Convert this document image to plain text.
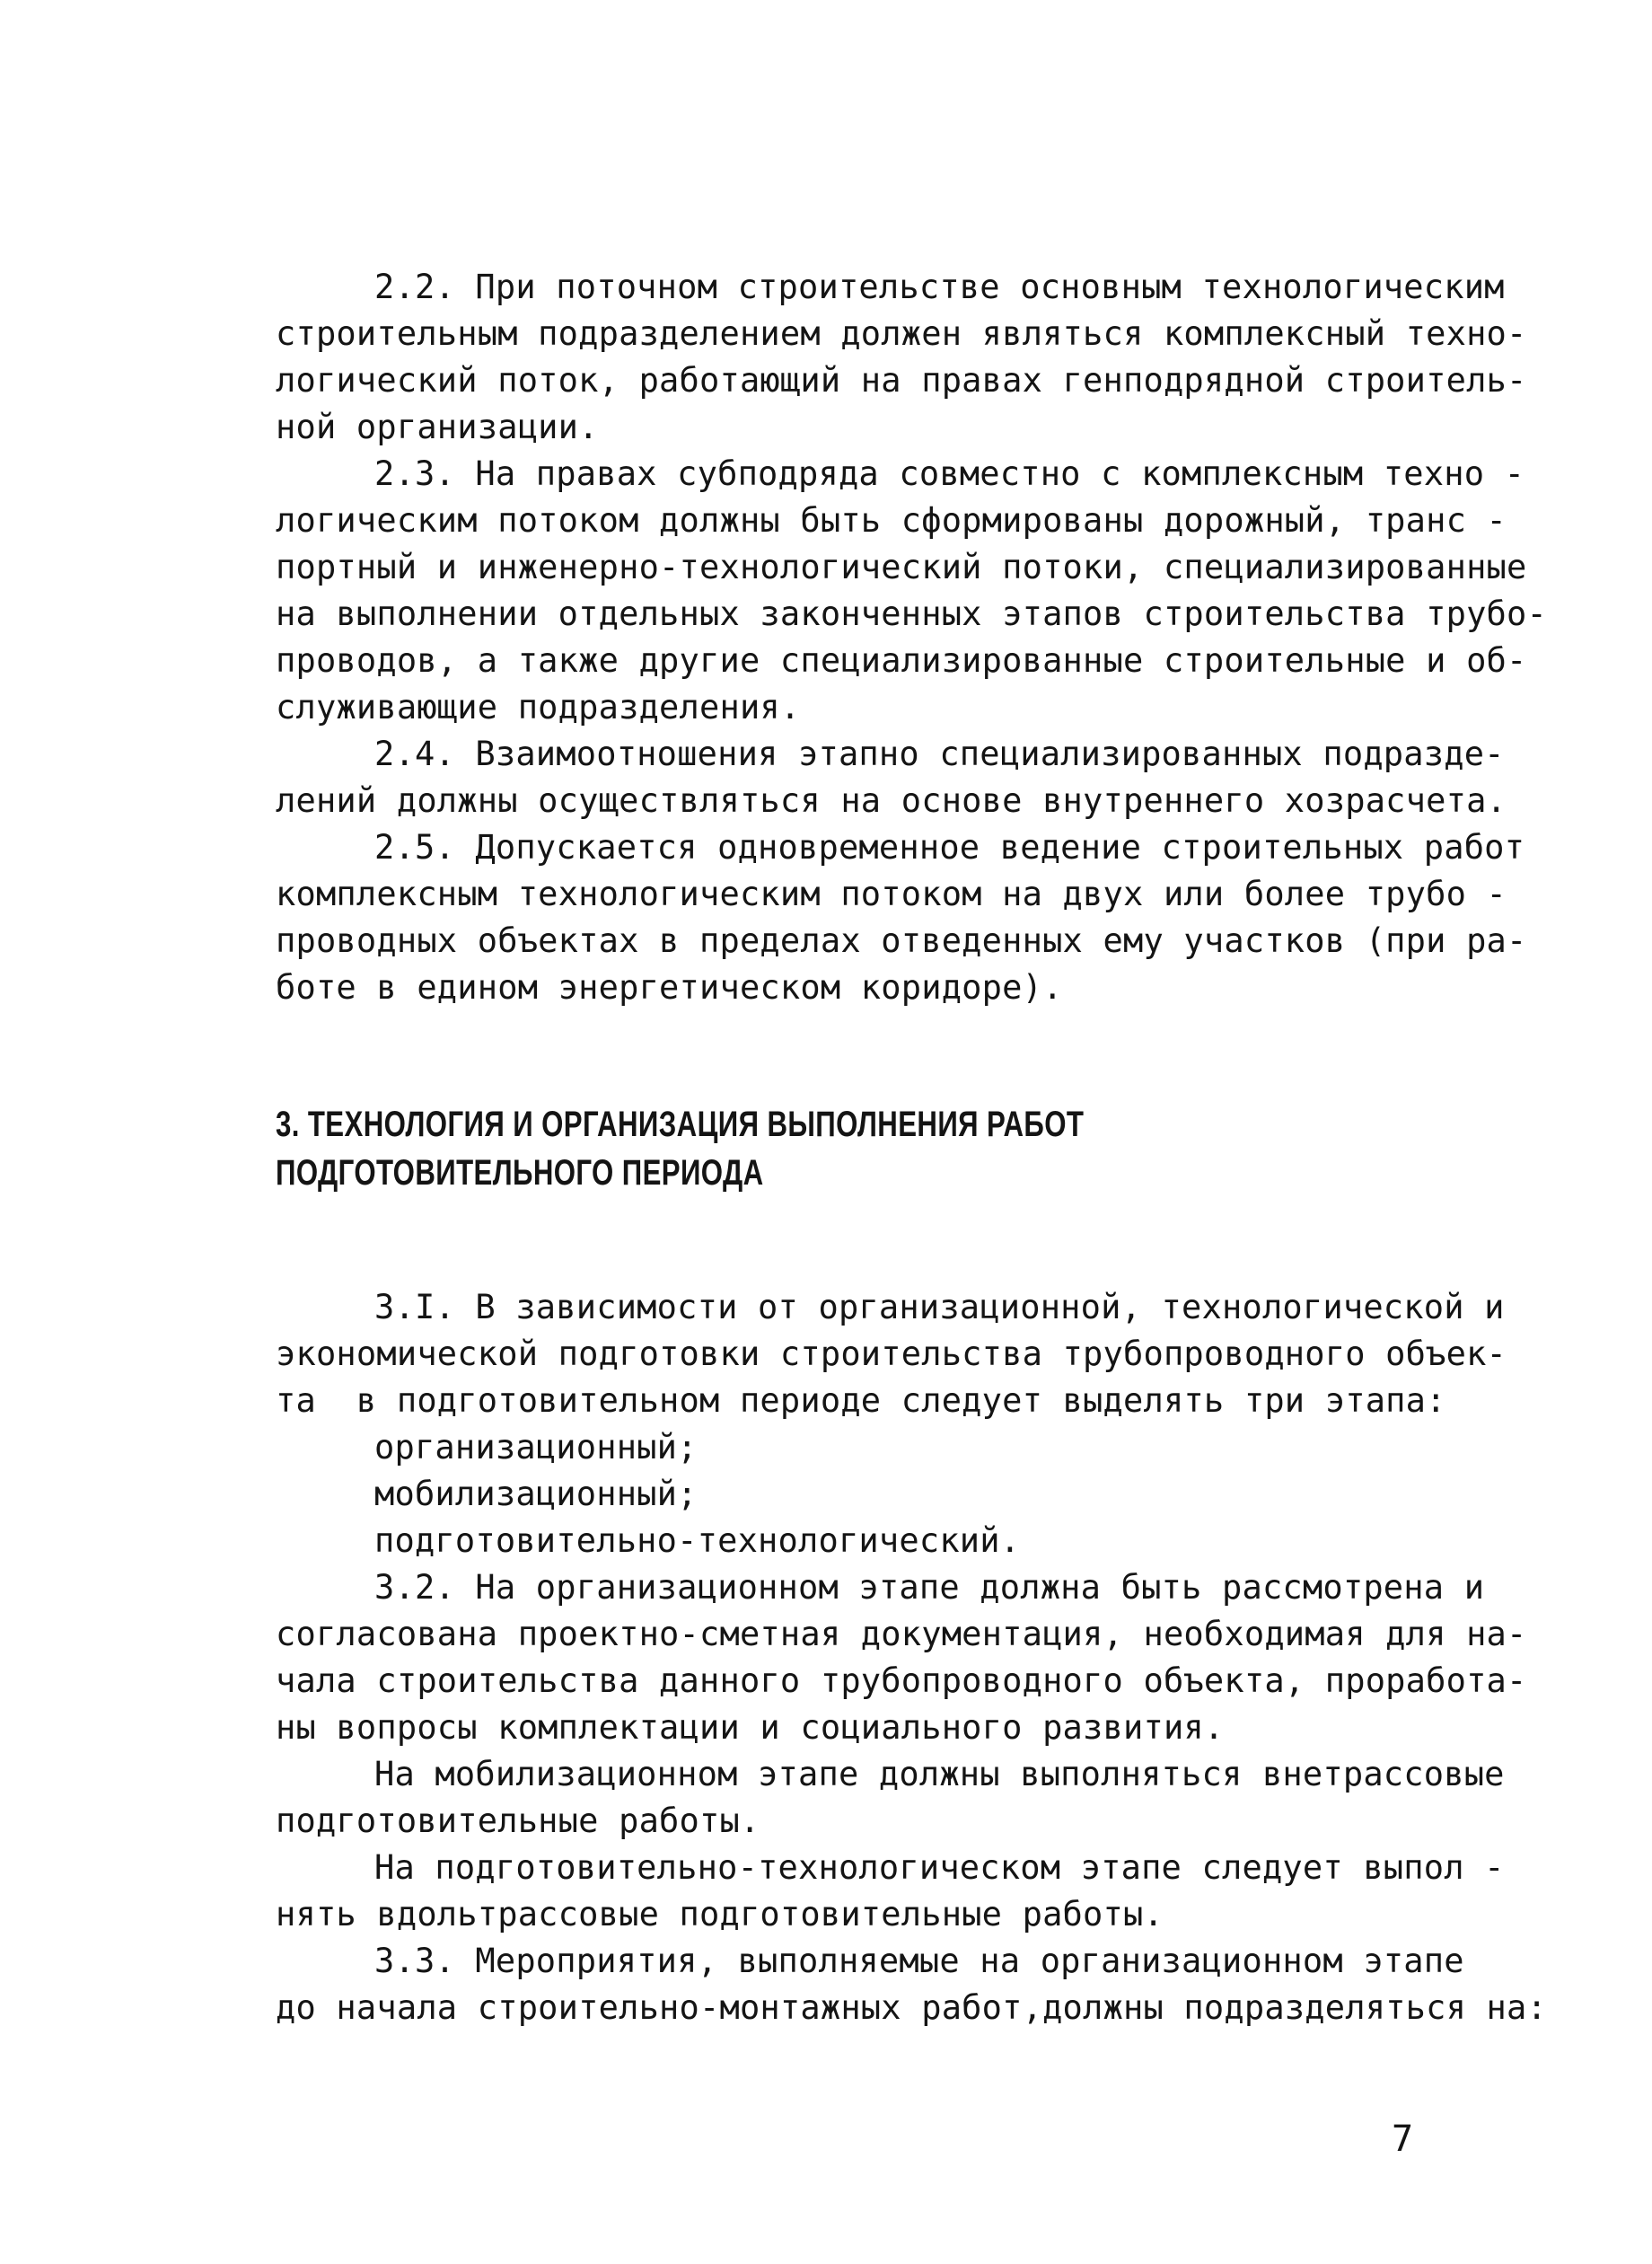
2.2. При поточном строительстве основным технологическим
строительным подразделением должен являться комплексный техно-
логический поток, работающий на правах генподрядной строитель-
ной организации.
2.3. На правах субподряда совместно с комплексным техно -
логическим потоком должны быть сформированы дорожный, транс -
портный и инженерно-технологический потоки, специализированные
на выполнении отдельных законченных этапов строительства трубо-
проводов, а также другие специализированные строительные и об-
служивающие подразделения.
2.4. Взаимоотношения этапно специализированных подразде-
лений должны осуществляться на основе внутреннего хозрасчета.
2.5. Допускается одновременное ведение строительных работ
комплексным технологическим потоком на двух или более трубо -
проводных объектах в пределах отведенных ему участков (при ра-
боте в едином энергетическом коридоре).
3. ТЕХНОЛОГИЯ И ОРГАНИЗАЦИЯ ВЫПОЛНЕНИЯ РАБОТ
ПОДГОТОВИТЕЛЬНОГО ПЕРИОДА
3.I. В зависимости от организационной, технологической и
экономической подготовки строительства трубопроводного объек-
та  в подготовительном периоде следует выделять три этапа:
организационный;
мобилизационный;
подготовительно-технологический.
3.2. На организационном этапе должна быть рассмотрена и
согласована проектно-сметная документация, необходимая для на-
чала строительства данного трубопроводного объекта, проработа-
ны вопросы комплектации и социального развития.
На мобилизационном этапе должны выполняться внетрассовые
подготовительные работы.
На подготовительно-технологическом этапе следует выпол -
нять вдольтрассовые подготовительные работы.
3.3. Мероприятия, выполняемые на организационном этапе
до начала строительно-монтажных работ,должны подразделяться на:
7
